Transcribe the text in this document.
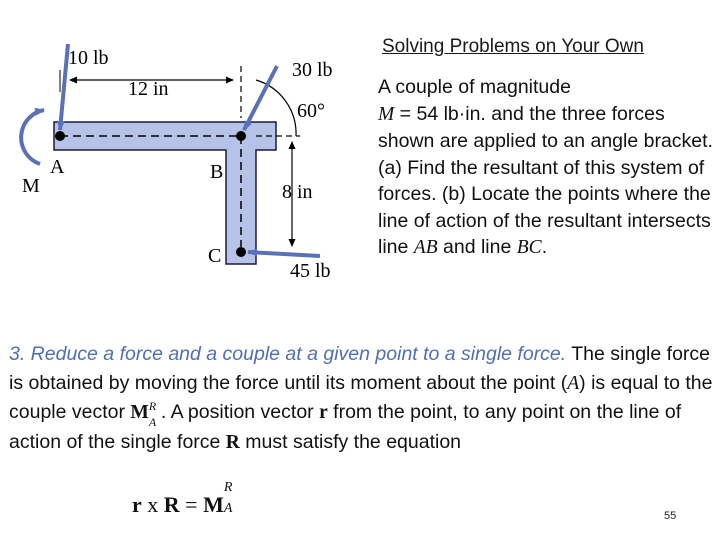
10 lb
12 in
30 lb
60°
M
A	B
8 in
C
45 lb
Solving Problems on Your Own
A couple of magnitude
M = 54 lb·in. and the three forces shown are applied to an angle bracket. (a) Find the resultant of this system of forces. (b) Locate the points where the line of action of the resultant intersects line AB and line BC.
3. Reduce a force and a couple at a given point to a single force. The single force is obtained by moving the force until its moment about the point (A) is equal to the couple vector M R
A . A position vector r from the point, to any point on the line of action of the single force R must satisfy the equation
r x R = M
R
A	55
